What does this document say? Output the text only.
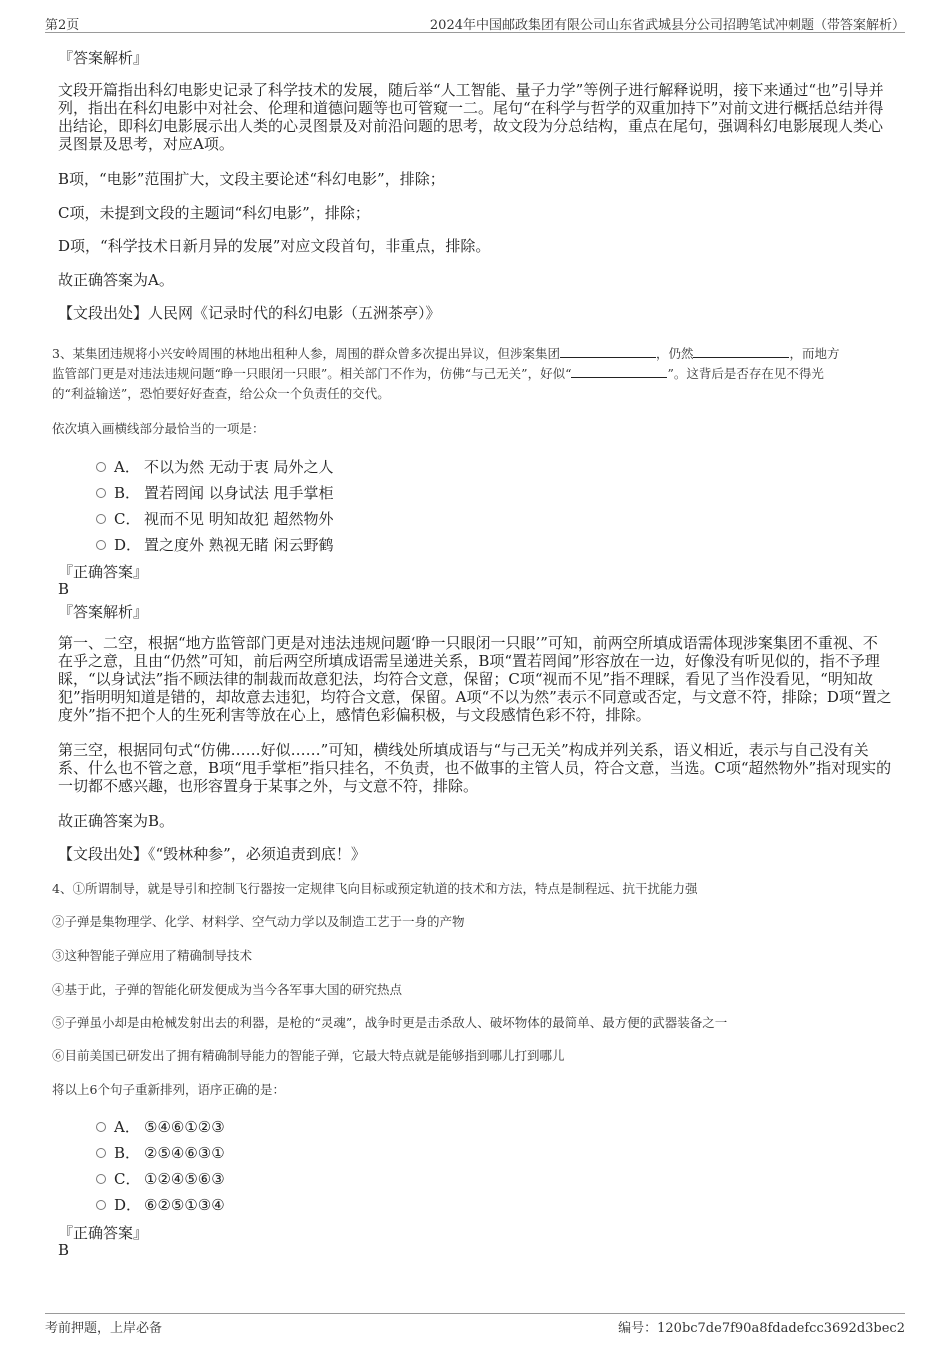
第2页	2024年中国邮政集团有限公司山东省武城县分公司招聘笔试冲刺题（带答案解析）
『答案解析』

文段开篇指出科幻电影史记录了科学技术的发展，随后举“人工智能、量子力学”等例子进行解释说明，接下来通过“也”引导并列，指出在科幻电影中对社会、伦理和道德问题等也可管窥一二。尾句“在科学与哲学的双重加持下”对前文进行概括总结并得出结论，即科幻电影展示出人类的心灵图景及对前沿问题的思考，故文段为分总结构，重点在尾句，强调科幻电影展现人类心灵图景及思考，对应A项。

B项，“电影”范围扩大，文段主要论述“科幻电影”，排除；
C项，未提到文段的主题词“科幻电影”，排除；
D项，“科学技术日新月异的发展”对应文段首句，非重点，排除。
故正确答案为A。
【文段出处】人民网《记录时代的科幻电影（五洲茶亭）》
3、某集团违规将小兴安岭周围的林地出租种人参，周围的群众曾多次提出异议，但涉案集团	，仍然	，而地方
监管部门更是对违法违规问题“睁一只眼闭一只眼”。相关部门不作为，仿佛“与己无关”，好似“	”。这背后是否存在见不得光
的“利益输送”，恐怕要好好查查，给公众一个负责任的交代。
依次填入画横线部分最恰当的一项是：
A． 不以为然 无动于衷 局外之人
B． 置若罔闻 以身试法 甩手掌柜
C． 视而不见 明知故犯 超然物外
D． 置之度外 熟视无睹 闲云野鹤
『正确答案』
B
『答案解析』

第一、二空，根据“地方监管部门更是对违法违规问题‘睁一只眼闭一只眼’”可知，前两空所填成语需体现涉案集团不重视、不在乎之意，且由“仍然”可知，前后两空所填成语需呈递进关系，B项“置若罔闻”形容放在一边，好像没有听见似的，指不予理睬，“以身试法”指不顾法律的制裁而故意犯法，均符合文意，保留；C项“视而不见”指不理睬，看见了当作没看见，“明知故犯”指明明知道是错的，却故意去违犯，均符合文意，保留。A项“不以为然”表示不同意或否定，与文意不符，排除；D项“置之度外”指不把个人的生死利害等放在心上，感情色彩偏积极，与文段感情色彩不符，排除。

第三空，根据同句式“仿佛……好似……”可知，横线处所填成语与“与己无关”构成并列关系，语义相近，表示与自己没有关系、什么也不管之意，B项“甩手掌柜”指只挂名，不负责，也不做事的主管人员，符合文意，当选。C项“超然物外”指对现实的一切都不感兴趣，也形容置身于某事之外，与文意不符，排除。

故正确答案为B。
【文段出处】《“毁林种参”，必须追责到底！》
4、①所谓制导，就是导引和控制飞行器按一定规律飞向目标或预定轨道的技术和方法，特点是制程远、抗干扰能力强
②子弹是集物理学、化学、材料学、空气动力学以及制造工艺于一身的产物
③这种智能子弹应用了精确制导技术
④基于此，子弹的智能化研发便成为当今各军事大国的研究热点
⑤子弹虽小却是由枪械发射出去的利器，是枪的“灵魂”，战争时更是击杀敌人、破坏物体的最简单、最方便的武器装备之一
⑥目前美国已研发出了拥有精确制导能力的智能子弹，它最大特点就是能够指到哪儿打到哪儿
将以上6个句子重新排列，语序正确的是：
A． ⑤④⑥①②③
B． ②⑤④⑥③①
C． ①②④⑤⑥③
D． ⑥②⑤①③④
『正确答案』
B
考前押题，上岸必备	编号：120bc7de7f90a8fdadefcc3692d3bec2
